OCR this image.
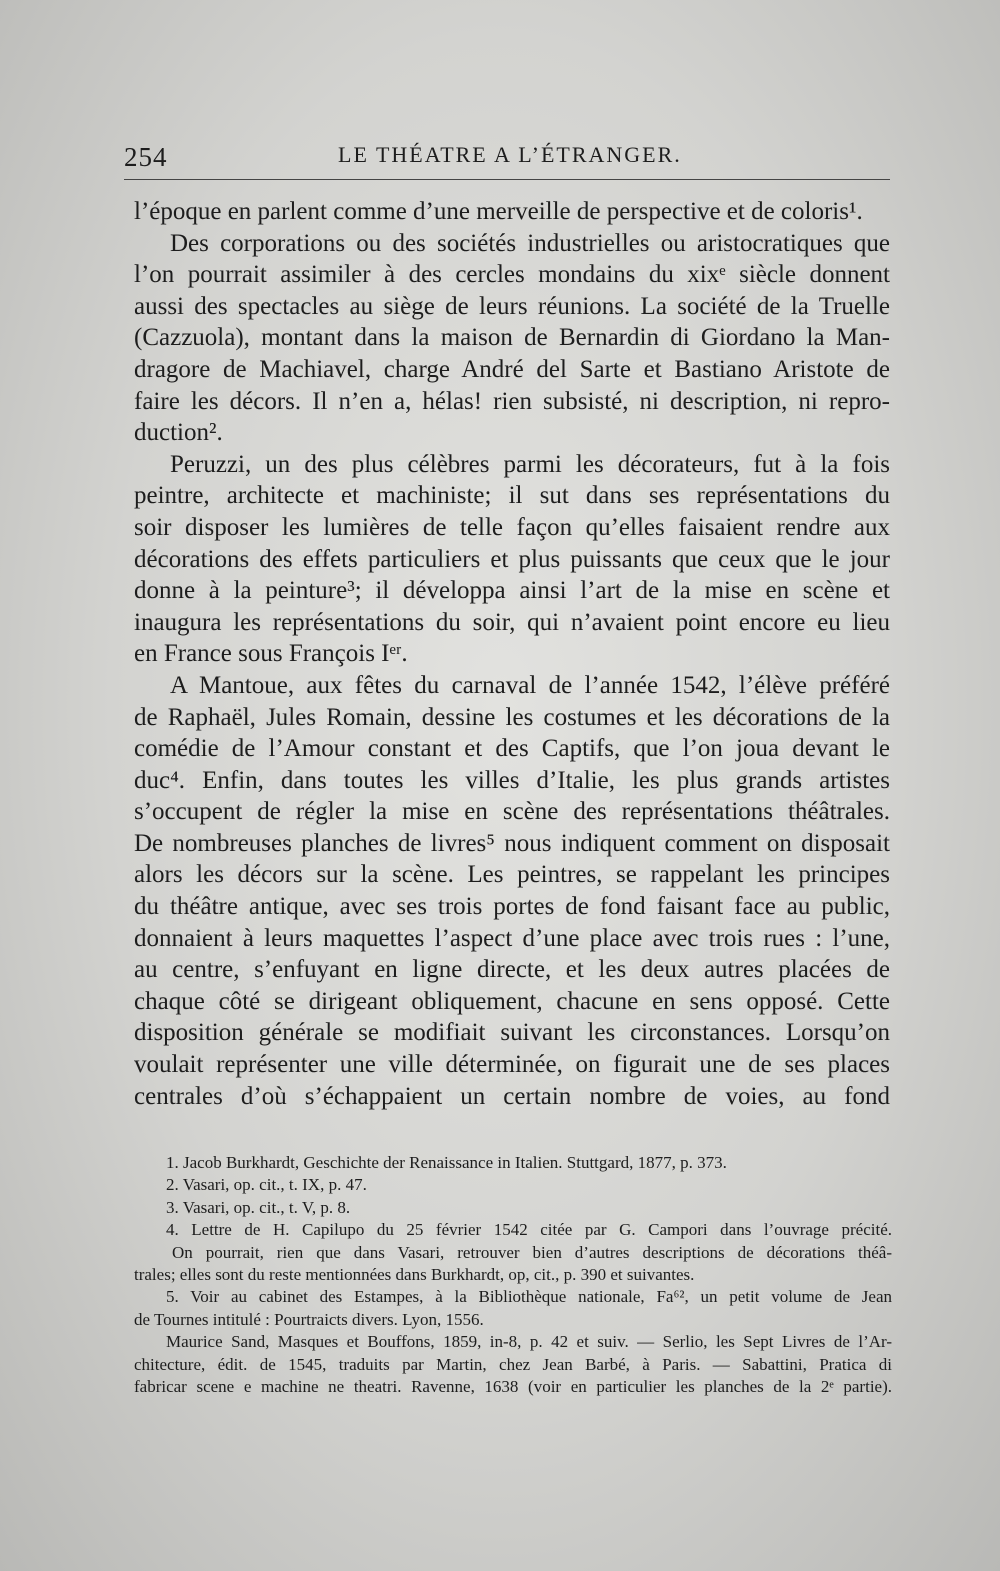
254	LE THÉATRE A L’ÉTRANGER.
l’époque en parlent comme d’une merveille de perspective et de coloris¹.
Des corporations ou des sociétés industrielles ou aristocratiques que
l’on pourrait assimiler à des cercles mondains du xixᵉ siècle donnent
aussi des spectacles au siège de leurs réunions. La société de la Truelle
(Cazzuola), montant dans la maison de Bernardin di Giordano la Man-
dragore de Machiavel, charge André del Sarte et Bastiano Aristote de
faire les décors. Il n’en a, hélas! rien subsisté, ni description, ni repro-
duction².
Peruzzi, un des plus célèbres parmi les décorateurs, fut à la fois
peintre, architecte et machiniste; il sut dans ses représentations du
soir disposer les lumières de telle façon qu’elles faisaient rendre aux
décorations des effets particuliers et plus puissants que ceux que le jour
donne à la peinture³; il développa ainsi l’art de la mise en scène et
inaugura les représentations du soir, qui n’avaient point encore eu lieu
en France sous François Iᵉʳ.
A Mantoue, aux fêtes du carnaval de l’année 1542, l’élève préféré
de Raphaël, Jules Romain, dessine les costumes et les décorations de la
comédie de l’Amour constant et des Captifs, que l’on joua devant le
duc⁴. Enfin, dans toutes les villes d’Italie, les plus grands artistes
s’occupent de régler la mise en scène des représentations théâtrales.
De nombreuses planches de livres⁵ nous indiquent comment on disposait
alors les décors sur la scène. Les peintres, se rappelant les principes
du théâtre antique, avec ses trois portes de fond faisant face au public,
donnaient à leurs maquettes l’aspect d’une place avec trois rues : l’une,
au centre, s’enfuyant en ligne directe, et les deux autres placées de
chaque côté se dirigeant obliquement, chacune en sens opposé. Cette
disposition générale se modifiait suivant les circonstances. Lorsqu’on
voulait représenter une ville déterminée, on figurait une de ses places
centrales d’où s’échappaient un certain nombre de voies, au fond
1. Jacob Burkhardt, Geschichte der Renaissance in Italien. Stuttgard, 1877, p. 373.
2. Vasari, op. cit., t. IX, p. 47.
3. Vasari, op. cit., t. V, p. 8.
4. Lettre de H. Capilupo du 25 février 1542 citée par G. Campori dans l’ouvrage précité.
On pourrait, rien que dans Vasari, retrouver bien d’autres descriptions de décorations théâ-
trales; elles sont du reste mentionnées dans Burkhardt, op, cit., p. 390 et suivantes.
5. Voir au cabinet des Estampes, à la Bibliothèque nationale, Fa⁶², un petit volume de Jean
de Tournes intitulé : Pourtraicts divers. Lyon, 1556.
Maurice Sand, Masques et Bouffons, 1859, in-8, p. 42 et suiv. — Serlio, les Sept Livres de l’Ar-
chitecture, édit. de 1545, traduits par Martin, chez Jean Barbé, à Paris. — Sabattini, Pratica di
fabricar scene e machine ne theatri. Ravenne, 1638 (voir en particulier les planches de la 2ᵉ partie).
